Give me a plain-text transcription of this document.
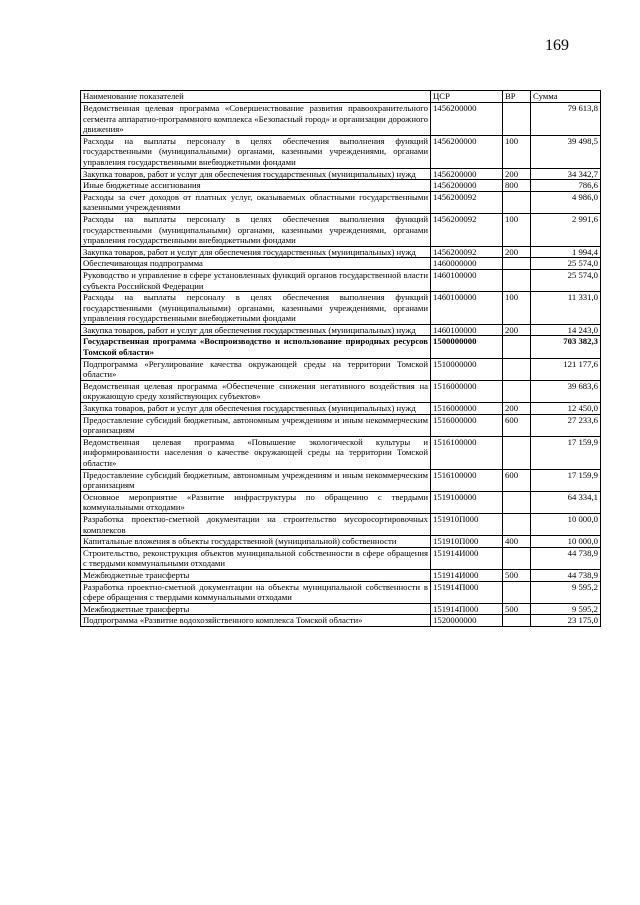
169
Наименование показателей	ЦСР	ВР	Сумма
Ведомственная целевая программа «Совершенствование развития правоохранительного сегмента аппаратно-программного комплекса «Безопасный город» и организации дорожного движения»	1456200000		79 613,8
Расходы на выплаты персоналу в целях обеспечения выполнения функций государственными (муниципальными) органами, казенными учреждениями, органами управления государственными внебюджетными фондами	1456200000	100	39 498,5
Закупка товаров, работ и услуг для обеспечения государственных (муниципальных) нужд	1456200000	200	34 342,7
Иные бюджетные ассигнования	1456200000	800	786,6
Расходы за счет доходов от платных услуг, оказываемых областными государственными казенными учреждениями	1456200092		4 986,0
Расходы на выплаты персоналу в целях обеспечения выполнения функций государственными (муниципальными) органами, казенными учреждениями, органами управления государственными внебюджетными фондами	1456200092	100	2 991,6
Закупка товаров, работ и услуг для обеспечения государственных (муниципальных) нужд	1456200092	200	1 994,4
Обеспечивающая подпрограмма	1460000000		25 574,0
Руководство и управление в сфере установленных функций органов государственной власти субъекта Российской Федерации	1460100000		25 574,0
Расходы на выплаты персоналу в целях обеспечения выполнения функций государственными (муниципальными) органами, казенными учреждениями, органами управления государственными внебюджетными фондами	1460100000	100	11 331,0
Закупка товаров, работ и услуг для обеспечения государственных (муниципальных) нужд	1460100000	200	14 243,0
Государственная программа «Воспроизводство и использование природных ресурсов Томской области»	1500000000		703 382,3
Подпрограмма «Регулирование качества окружающей среды на территории Томской области»	1510000000		121 177,6
Ведомственная целевая программа «Обеспечение снижения негативного воздействия на окружающую среду хозяйствующих субъектов»	1516000000		39 683,6
Закупка товаров, работ и услуг для обеспечения государственных (муниципальных) нужд	1516000000	200	12 450,0
Предоставление субсидий бюджетным, автономным учреждениям и иным некоммерческим организациям	1516000000	600	27 233,6
Ведомственная целевая программа «Повышение экологической культуры и информированности населения о качестве окружающей среды на территории Томской области»	1516100000		17 159,9
Предоставление субсидий бюджетным, автономным учреждениям и иным некоммерческим организациям	1516100000	600	17 159,9
Основное мероприятие «Развитие инфраструктуры по обращению с твердыми коммунальными отходами»	1519100000		64 334,1
Разработка проектно-сметной документации на строительство мусоросортировочных комплексов	151910П000		10 000,0
Капитальные вложения в объекты государственной (муниципальной) собственности	151910П000	400	10 000,0
Строительство, реконструкция объектов муниципальной собственности в сфере обращения с твердыми коммунальными отходами	151914И000		44 738,9
Межбюджетные трансферты	151914И000	500	44 738,9
Разработка проектно-сметной документации на объекты муниципальной собственности в сфере обращения с твердыми коммунальными отходами	151914П000		9 595,2
Межбюджетные трансферты	151914П000	500	9 595,2
Подпрограмма «Развитие водохозяйственного комплекса Томской области»	1520000000		23 175,0
